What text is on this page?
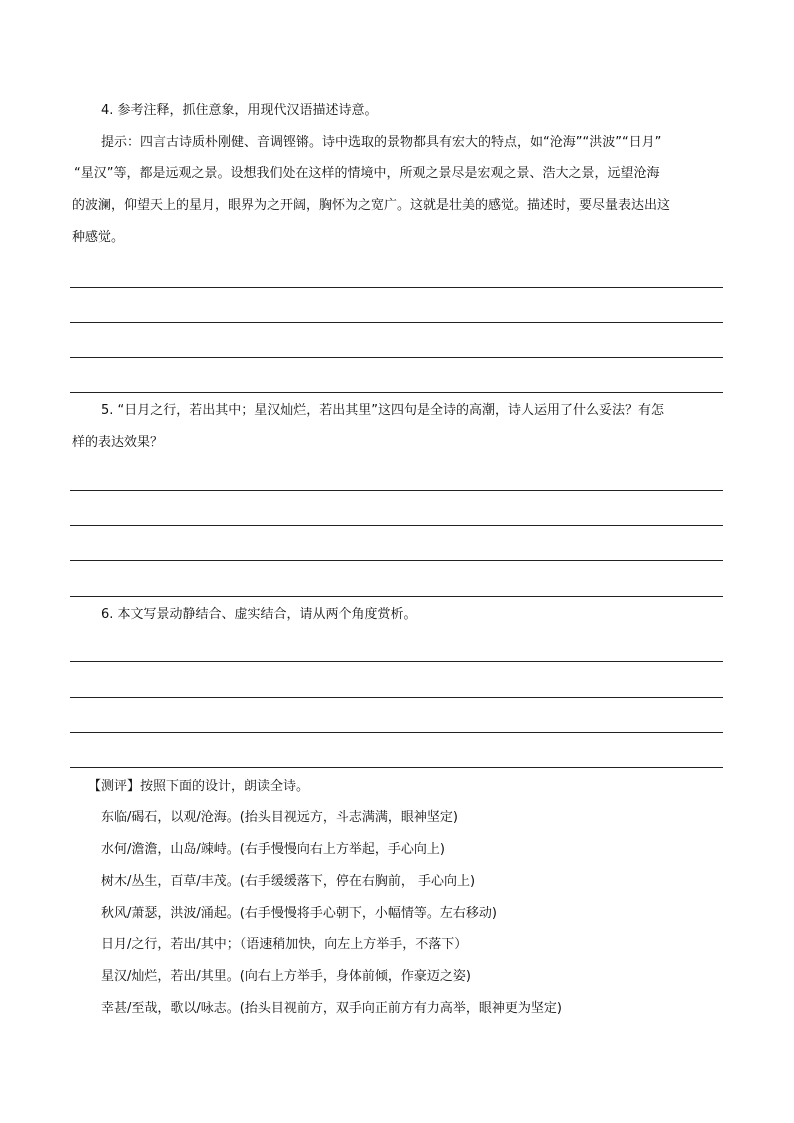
4. 参考注释，抓住意象，用现代汉语描述诗意。
提示：四言古诗质朴刚健、音调铿锵。诗中选取的景物都具有宏大的特点，如“沧海”“洪波”“日月”
“星汉”等，都是远观之景。设想我们处在这样的情境中，所观之景尽是宏观之景、浩大之景，远望沧海
的波澜，仰望天上的星月，眼界为之开阔，胸怀为之宽广。这就是壮美的感觉。描述时，要尽量表达出这
种感觉。
5. “日月之行，若出其中；星汉灿烂，若出其里”这四句是全诗的高潮，诗人运用了什么妥法？有怎
样的表达效果？
6. 本文写景动静结合、虚实结合，请从两个角度赏析。
【测评】按照下面的设计，朗读全诗。
东临/碣石，以观/沧海。(抬头目视远方，斗志满满，眼神坚定)
水何/澹澹，山岛/竦峙。(右手慢慢向右上方举起，手心向上)
树木/丛生，百草/丰茂。(右手缓缓落下，停在右胸前， 手心向上)
秋风/萧瑟，洪波/涌起。(右手慢慢将手心朝下，小幅情等。左右移动)
日月/之行，若出/其中；（语速稍加快，向左上方举手，不落下）
星汉/灿烂，若出/其里。(向右上方举手，身体前倾，作豪迈之姿)
幸甚/至哉，歌以/咏志。(抬头目视前方，双手向正前方有力高举，眼神更为坚定)
